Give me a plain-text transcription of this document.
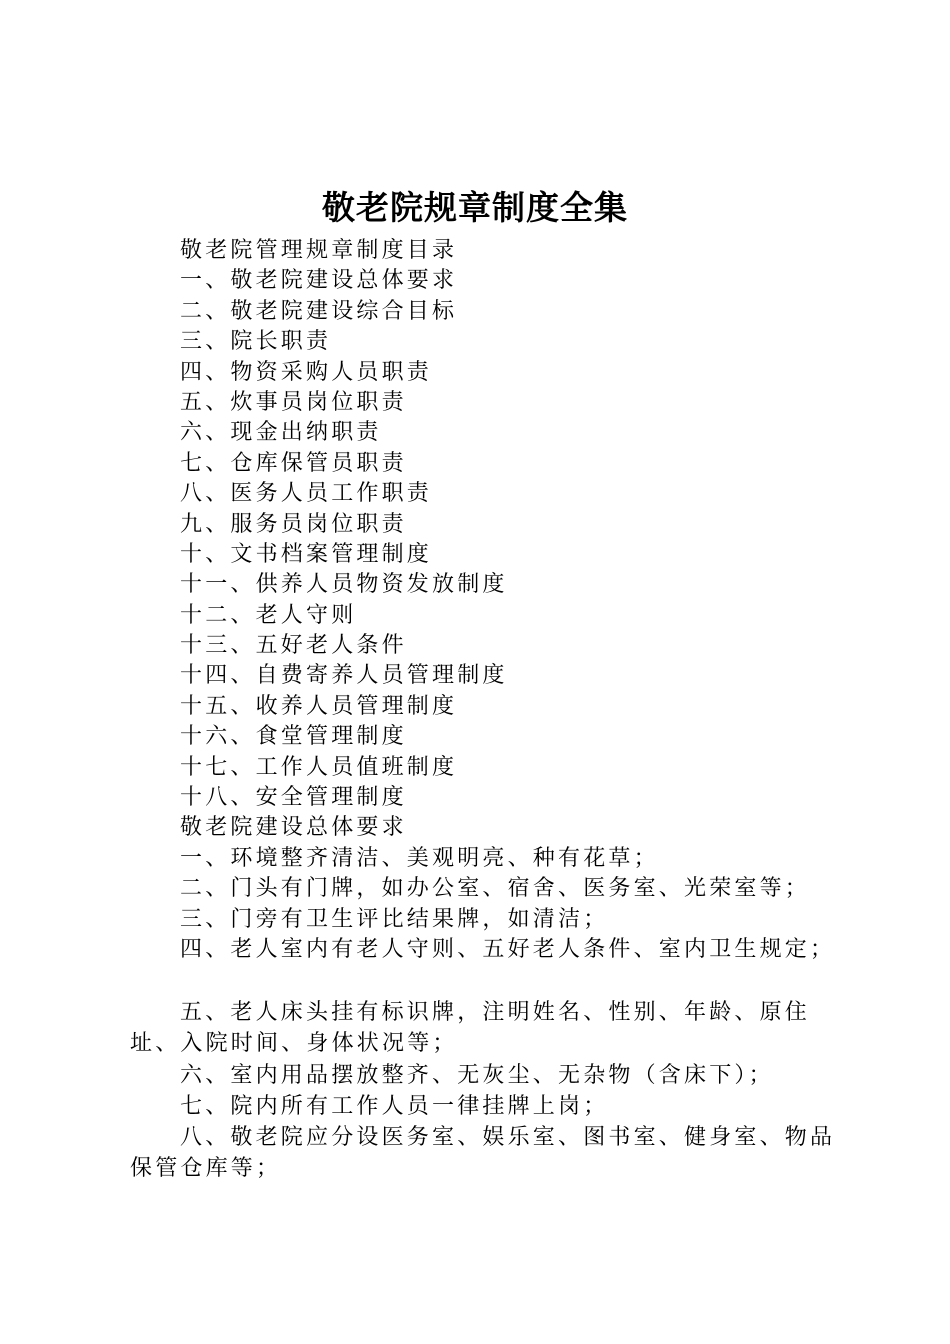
敬老院规章制度全集
敬老院管理规章制度目录
一、敬老院建设总体要求
二、敬老院建设综合目标
三、院长职责
四、物资采购人员职责
五、炊事员岗位职责
六、现金出纳职责
七、仓库保管员职责
八、医务人员工作职责
九、服务员岗位职责
十、文书档案管理制度
十一、供养人员物资发放制度
十二、老人守则
十三、五好老人条件
十四、自费寄养人员管理制度
十五、收养人员管理制度
十六、食堂管理制度
十七、工作人员值班制度
十八、安全管理制度
敬老院建设总体要求
一、环境整齐清洁、美观明亮、种有花草；
二、门头有门牌，如办公室、宿舍、医务室、光荣室等；
三、门旁有卫生评比结果牌，如清洁；
四、老人室内有老人守则、五好老人条件、室内卫生规定；
五、老人床头挂有标识牌，注明姓名、性别、年龄、原住址、入院时间、身体状况等；
六、室内用品摆放整齐、无灰尘、无杂物（含床下）；
七、院内所有工作人员一律挂牌上岗；
八、敬老院应分设医务室、娱乐室、图书室、健身室、物品保管仓库等；
